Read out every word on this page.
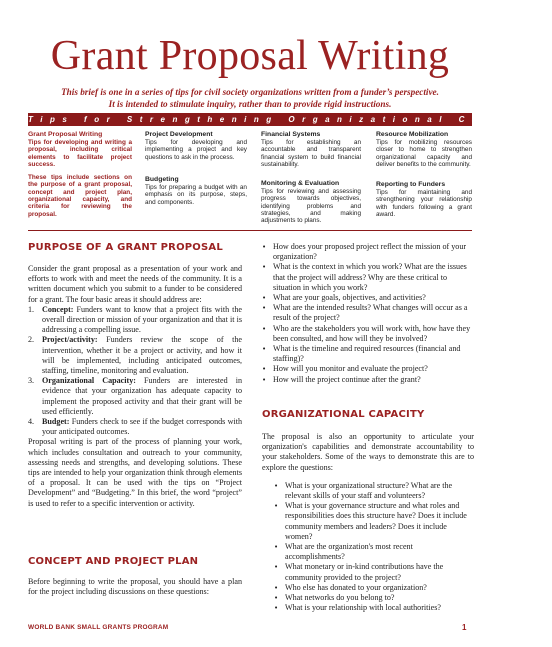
Grant Proposal Writing
This brief is one in a series of tips for civil society organizations written from a funder’s perspective.
It is intended to stimulate inquiry, rather than to provide rigid instructions.
Tips for Strengthening Organizational Capacity
Grant Proposal Writing
Tips for developing and writing a proposal, including critical elements to facilitate project success.
These tips include sections on the purpose of a grant proposal, concept and project plan, organizational capacity, and criteria for reviewing the proposal.
Project Development
Tips for developing and implementing a project and key questions to ask in the process.
Budgeting
Tips for preparing a budget with an emphasis on its purpose, steps, and components.
Financial Systems
Tips for establishing an accountable and transparent financial system to build financial sustainability.
Monitoring & Evaluation
Tips for reviewing and assessing progress towards objectives, identifying problems and strategies, and making adjustments to plans.
Resource Mobilization
Tips for mobilizing resources closer to home to strengthen organizational capacity and deliver benefits to the community.
Reporting to Funders
Tips for maintaining and strengthening your relationship with funders following a grant award.
PURPOSE OF A GRANT PROPOSAL

Consider the grant proposal as a presentation of your work and efforts to work with and meet the needs of the community. It is a written document which you submit to a funder to be considered for a grant. The four basic areas it should address are:

1. Concept: Funders want to know that a project fits with the overall direction or mission of your organization and that it is addressing a compelling issue.
2. Project/activity: Funders review the scope of the intervention, whether it be a project or activity, and how it will be implemented, including anticipated outcomes, staffing, timeline, monitoring and evaluation.
3. Organizational Capacity: Funders are interested in evidence that your organization has adequate capacity to implement the proposed activity and that their grant will be used efficiently.
4. Budget: Funders check to see if the budget corresponds with your anticipated outcomes.

Proposal writing is part of the process of planning your work, which includes consultation and outreach to your community, assessing needs and strengths, and developing solutions. These tips are intended to help your organization think through elements of a proposal. It can be used with the tips on “Project Development” and “Budgeting.” In this brief, the word “project” is used to refer to a specific intervention or activity.

CONCEPT AND PROJECT PLAN
Before beginning to write the proposal, you should have a plan for the project including discussions on these questions:
• How does your proposed project reflect the mission of your organization?
• What is the context in which you work? What are the issues that the project will address? Why are these critical to situation in which you work?
• What are your goals, objectives, and activities?
• What are the intended results? What changes will occur as a result of the project?
• Who are the stakeholders you will work with, how have they been consulted, and how will they be involved?
• What is the timeline and required resources (financial and staffing)?
• How will you monitor and evaluate the project?
• How will the project continue after the grant?
ORGANIZATIONAL CAPACITY

The proposal is also an opportunity to articulate your organization's capabilities and demonstrate accountability to your stakeholders. Some of the ways to demonstrate this are to explore the questions:

• What is your organizational structure? What are the relevant skills of your staff and volunteers?
• What is your governance structure and what roles and responsibilities does this structure have? Does it include community members and leaders? Does it include women?
• What are the organization's most recent accomplishments?
• What monetary or in-kind contributions have the community provided to the project?
• Who else has donated to your organization?
• What networks do you belong to?
• What is your relationship with local authorities?
WORLD BANK SMALL GRANTS PROGRAM	1
